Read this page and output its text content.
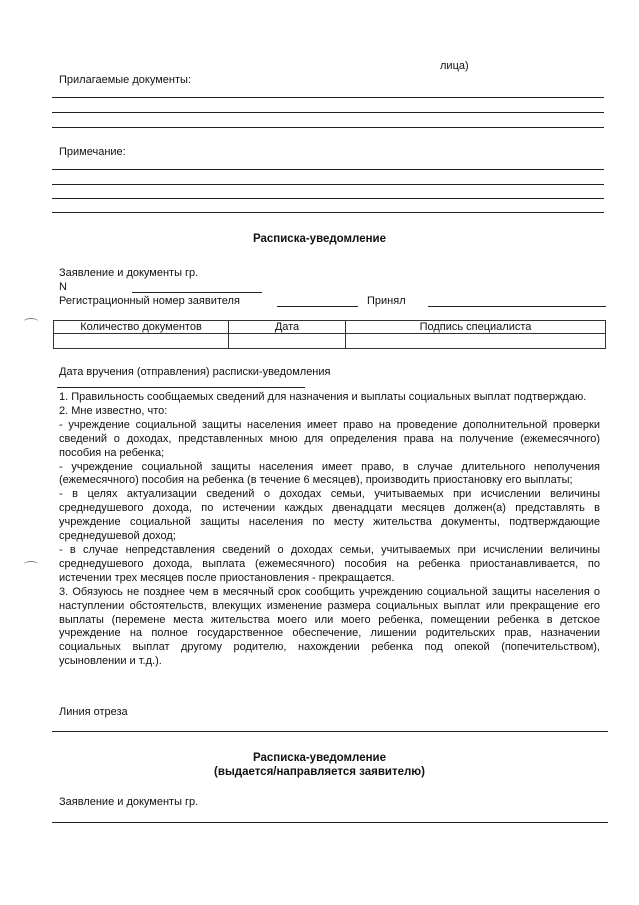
лица)
Прилагаемые документы:
Примечание:
Расписка-уведомление
Заявление и документы гр.
N
Регистрационный номер заявителя	Принял
Количество документов	Дата	Подпись специалиста

Дата вручения (отправления) расписки-уведомления

1. Правильность сообщаемых сведений для назначения и выплаты социальных выплат подтверждаю.

2. Мне известно, что:

- учреждение социальной защиты населения имеет право на проведение дополнительной проверки сведений о доходах, представленных мною для определения права на получение (ежемесячного) пособия на ребенка;

- учреждение социальной защиты населения имеет право, в случае длительного неполучения (ежемесячного) пособия на ребенка (в течение 6 месяцев), производить приостановку его выплаты;

- в целях актуализации сведений о доходах семьи, учитываемых при исчислении величины среднедушевого дохода, по истечении каждых двенадцати месяцев должен(а) представлять в учреждение социальной защиты населения по месту жительства документы, подтверждающие среднедушевой доход;

- в случае непредставления сведений о доходах семьи, учитываемых при исчислении величины среднедушевого дохода, выплата (ежемесячного) пособия на ребенка приостанавливается, по истечении трех месяцев после приостановления - прекращается.

3. Обязуюсь не позднее чем в месячный срок сообщить учреждению социальной защиты населения о наступлении обстоятельств, влекущих изменение размера социальных выплат или прекращение его выплаты (перемене места жительства моего или моего ребенка, помещении ребенка в детское учреждение на полное государственное обеспечение, лишении родительских прав, назначении социальных выплат другому родителю, нахождении ребенка под опекой (попечительством), усыновлении и т.д.).

Линия отреза
Расписка-уведомление
(выдается/направляется заявителю)
Заявление и документы гр.
